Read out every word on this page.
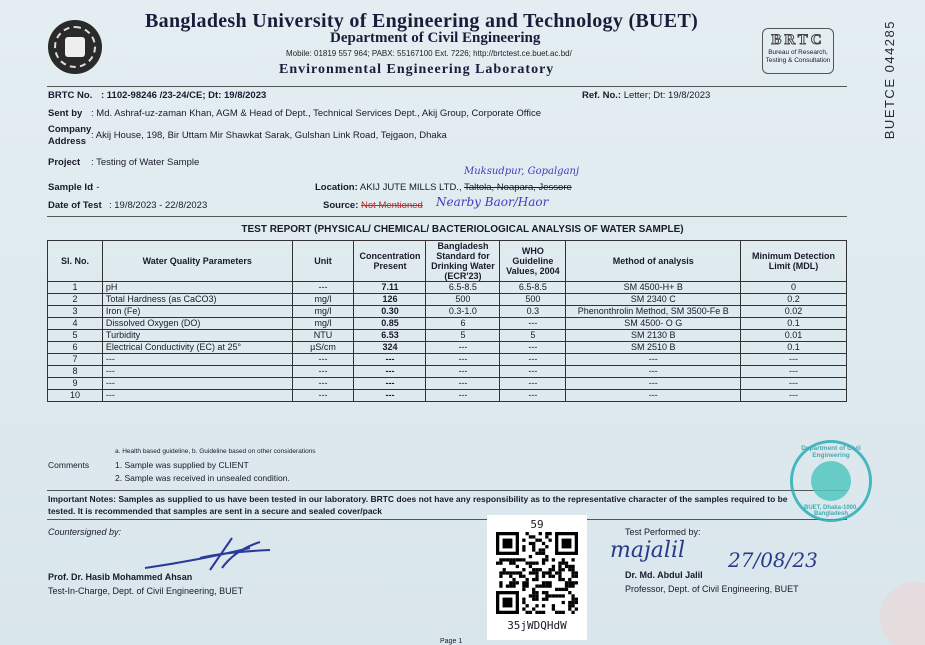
Bangladesh University of Engineering and Technology (BUET)
Department of Civil Engineering
Mobile: 01819 557 964; PABX: 55167100 Ext. 7226; http://brtctest.ce.buet.ac.bd/
Environmental Engineering Laboratory
BRTC
Bureau of Research,
Testing & Consultation	BUETCE 044285
BRTC No. : 1102-98246 /23-24/CE; Dt: 19/8/2023	Ref. No.: Letter; Dt: 19/8/2023
Sent by : Md. Ashraf-uz-zaman Khan, AGM & Head of Dept., Technical Services Dept., Akij Group, Corporate Office
Company
Address
: Akij House, 198, Bir Uttam Mir Shawkat Sarak, Gulshan Link Road, Tejgaon, Dhaka
Project : Testing of Water Sample
Muksudpur, Gopalganj
Sample Id
: -	Location: AKIJ JUTE MILLS LTD., Taltola, Noapara, Jessore
Date of Test : 19/8/2023 - 22/8/2023	Source: Not Mentioned Nearby Baor/Haor
TEST REPORT (PHYSICAL/ CHEMICAL/ BACTERIOLOGICAL ANALYSIS OF WATER SAMPLE)
Sl. No.	Water Quality Parameters	Unit	Concentration Present	Bangladesh Standard for Drinking Water (ECR'23)	WHO Guideline Values, 2004	Method of analysis	Minimum Detection Limit (MDL)
1	pH	---	7.11	6.5-8.5	6.5-8.5	SM 4500-H+ B	0
2	Total Hardness (as CaCO3)	mg/l	126	500	500	SM 2340 C	0.2
3	Iron (Fe)	mg/l	0.30	0.3-1.0	0.3	Phenonthrolin Method, SM 3500-Fe B	0.02
4	Dissolved Oxygen (DO)	mg/l	0.85	6	---	SM 4500- O G	0.1
5	Turbidity	NTU	6.53	5	5	SM 2130 B	0.01
6	Electrical Conductivity (EC) at 25°	µS/cm	324	---	---	SM 2510 B	0.1
7	---	---	---	---	---	---	---
8	---	---	---	---	---	---	---
9	---	---	---	---	---	---	---
10	---	---	---	---	---	---	---
a. Health based guideline, b. Guideline based on other considerations
Comments	1. Sample was supplied by CLIENT
2. Sample was received in unsealed condition.
Important Notes: Samples as supplied to us have been tested in our laboratory. BRTC does not have any responsibility as to the representative character of the samples required to be
tested. It is recommended that samples are sent in a secure and sealed cover/pack
Countersigned by:
Prof. Dr. Hasib Mohammed Ahsan
Test-In-Charge, Dept. of Civil Engineering, BUET
59
35jWDQHdW
Test Performed by:
majalil 27/08/23
Dr. Md. Abdul Jalil
Professor, Dept. of Civil Engineering, BUET
Department of Civil Engineering
BUET, Dhaka-1000, Bangladesh
Page 1
